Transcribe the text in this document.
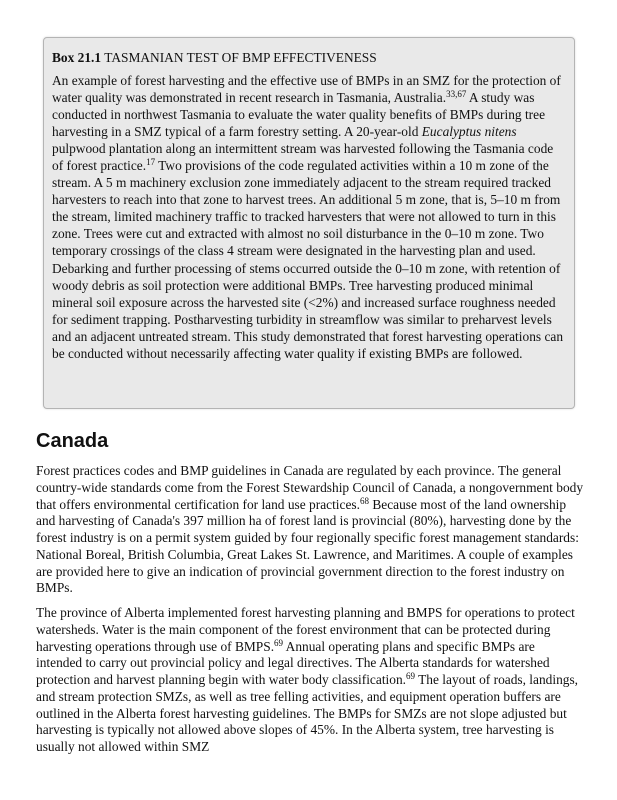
Box 21.1 TASMANIAN TEST OF BMP EFFECTIVENESS

An example of forest harvesting and the effective use of BMPs in an SMZ for the protection of water quality was demonstrated in recent research in Tasmania, Australia.$^{33,67}$ A study was conducted in northwest Tasmania to evaluate the water quality benefits of BMPs during tree harvesting in a SMZ typical of a farm forestry setting. A 20-year-old Eucalyptus nitens pulpwood plantation along an intermittent stream was harvested following the Tasmania code of forest practice.$^{17}$ Two provisions of the code regulated activities within a 10 m zone of the stream. A 5 m machinery exclusion zone immediately adjacent to the stream required tracked harvesters to reach into that zone to harvest trees. An additional 5 m zone, that is, 5–10 m from the stream, limited machinery traffic to tracked harvesters that were not allowed to turn in this zone. Trees were cut and extracted with almost no soil disturbance in the 0–10 m zone. Two temporary crossings of the class 4 stream were designated in the harvesting plan and used. Debarking and further processing of stems occurred outside the 0–10 m zone, with retention of woody debris as soil protection were additional BMPs. Tree harvesting produced minimal mineral soil exposure across the harvested site (<2%) and increased surface roughness needed for sediment trapping. Postharvesting turbidity in streamflow was similar to preharvest levels and an adjacent untreated stream. This study demonstrated that forest harvesting operations can be conducted without necessarily affecting water quality if existing BMPs are followed.

Canada

Forest practices codes and BMP guidelines in Canada are regulated by each province. The general country-wide standards come from the Forest Stewardship Council of Canada, a nongovernment body that offers environmental certification for land use practices.$^{68}$ Because most of the land ownership and harvesting of Canada's 397 million ha of forest land is provincial (80%), harvesting done by the forest industry is on a permit system guided by four regionally specific forest management standards: National Boreal, British Columbia, Great Lakes St. Lawrence, and Maritimes. A couple of examples are provided here to give an indication of provincial government direction to the forest industry on BMPs.

The province of Alberta implemented forest harvesting planning and BMPS for operations to protect watersheds. Water is the main component of the forest environment that can be protected during harvesting operations through use of BMPS.$^{69}$ Annual operating plans and specific BMPs are intended to carry out provincial policy and legal directives. The Alberta standards for watershed protection and harvest planning begin with water body classification.$^{69}$ The layout of roads, landings, and stream protection SMZs, as well as tree felling activities, and equipment operation buffers are outlined in the Alberta forest harvesting guidelines. The BMPs for SMZs are not slope adjusted but harvesting is typically not allowed above slopes of 45%. In the Alberta system, tree harvesting is usually not allowed within SMZ
